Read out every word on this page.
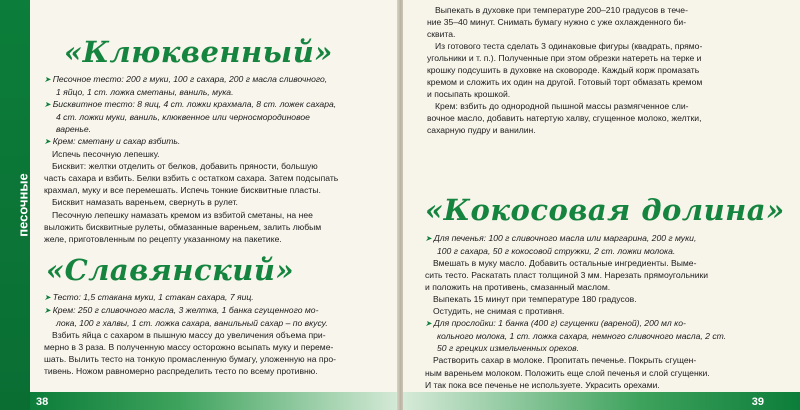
песочные
«Клюквенный»

➤ Песочное тесто: 200 г муки, 100 г сахара, 200 г масла сливочного,

1 яйцо, 1 ст. ложка сметаны, ваниль, мука.

➤ Бисквитное тесто: 8 яиц, 4 ст. ложки крахмала, 8 ст. ложек сахара,

4 ст. ложки муки, ваниль, клюквенное или черносмородиновое

варенье.

➤ Крем: сметану и сахар взбить.

Испечь песочную лепешку.

Бисквит: желтки отделить от белков, добавить пряности, большую

часть сахара и взбить. Белки взбить с остатком сахара. Затем подсыпать

крахмал, муку и все перемешать. Испечь тонкие бисквитные пласты.

Бисквит намазать вареньем, свернуть в рулет.

Песочную лепешку намазать кремом из взбитой сметаны, на нее

выложить бисквитные рулеты, обмазанные вареньем, залить любым

желе, приготовленным по рецепту указанному на пакетике.

«Славянский»

➤ Тесто: 1,5 стакана муки, 1 стакан сахара, 7 яиц.

➤ Крем: 250 г сливочного масла, 3 желтка, 1 банка сгущенного мо-

лока, 100 г халвы, 1 ст. ложка сахара, ванильный сахар – по вкусу.

Взбить яйца с сахаром в пышную массу до увеличения объема при-

мерно в 3 раза. В полученную массу осторожно всыпать муку и переме-

шать. Вылить тесто на тонкую промасленную бумагу, уложенную на про-

тивень. Ножом равномерно распределить тесто по всему противню.

38

Выпекать в духовке при температуре 200–210 градусов в тече-

ние 35–40 минут. Снимать бумагу нужно с уже охлажденного би-

сквита.

Из готового теста сделать 3 одинаковые фигуры (квадрать, прямо-

угольники и т. п.). Полученные при этом обрезки натереть на терке и

крошку подсушить в духовке на сковороде. Каждый корж промазать

кремом и сложить их один на другой. Готовый торт обмазать кремом

и посыпать крошкой.

Крем: взбить до однородной пышной массы размягченное сли-

вочное масло, добавить натертую халву, сгущенное молоко, желтки,

сахарную пудру и ванилин.

«Кокосовая долина»

➤ Для печенья: 100 г сливочного масла или маргарина, 200 г муки,

100 г сахара, 50 г кокосовой стружки, 2 ст. ложки молока.

Вмешать в муку масло. Добавить остальные ингредиенты. Выме-

сить тесто. Раскатать пласт толщиной 3 мм. Нарезать прямоугольники

и положить на противень, смазанный маслом.

Выпекать 15 минут при температуре 180 градусов.

Остудить, не снимая с противня.

➤ Для прослойки: 1 банка (400 г) сгущенки (вареной), 200 мл ко-

кольного молока, 1 ст. ложка сахара, немного сливочного масла, 2 ст.

50 г грецких измельченных орехов.

Растворить сахар в молоке. Пропитать печенье. Покрыть сгущен-

ным вареньем молоком. Положить еще слой печенья и слой сгущенки.

И так пока все печенье не используете. Украсить орехами.

39
